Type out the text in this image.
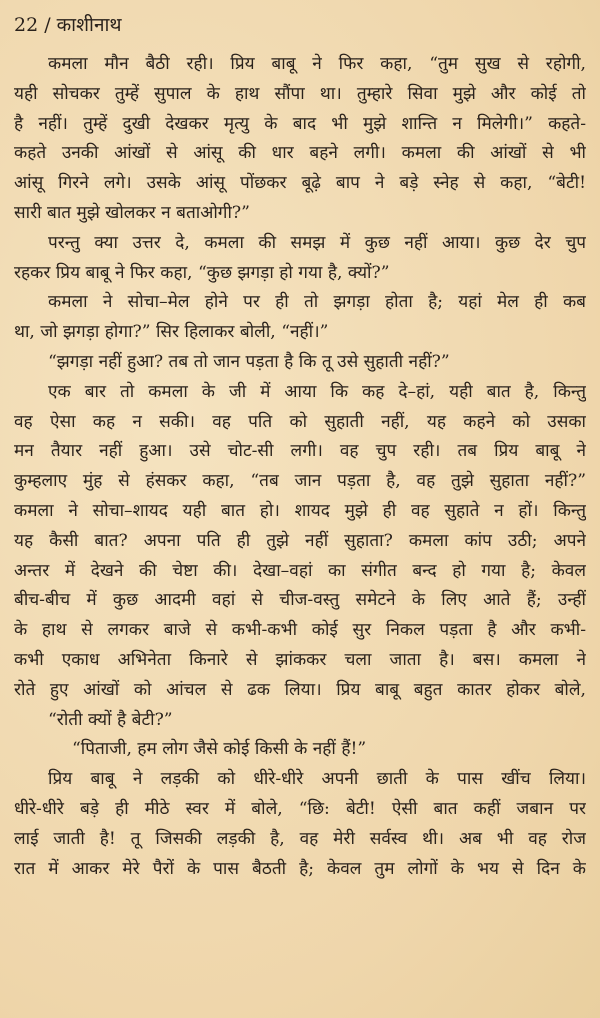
22 / काशीनाथ
कमला मौन बैठी रही। प्रिय बाबू ने फिर कहा, “तुम सुख से रहोगी,
यही सोचकर तुम्हें सुपाल के हाथ सौंपा था। तुम्हारे सिवा मुझे और कोई तो
है नहीं। तुम्हें दुखी देखकर मृत्यु के बाद भी मुझे शान्ति न मिलेगी।” कहते-
कहते उनकी आंखों से आंसू की धार बहने लगी। कमला की आंखों से भी
आंसू गिरने लगे। उसके आंसू पोंछकर बूढ़े बाप ने बड़े स्नेह से कहा, “बेटी!
सारी बात मुझे खोलकर न बताओगी?”
परन्तु क्या उत्तर दे, कमला की समझ में कुछ नहीं आया। कुछ देर चुप
रहकर प्रिय बाबू ने फिर कहा, “कुछ झगड़ा हो गया है, क्यों?”
कमला ने सोचा–मेल होने पर ही तो झगड़ा होता है; यहां मेल ही कब
था, जो झगड़ा होगा?” सिर हिलाकर बोली, “नहीं।”
“झगड़ा नहीं हुआ? तब तो जान पड़ता है कि तू उसे सुहाती नहीं?”
एक बार तो कमला के जी में आया कि कह दे–हां, यही बात है, किन्तु
वह ऐसा कह न सकी। वह पति को सुहाती नहीं, यह कहने को उसका
मन तैयार नहीं हुआ। उसे चोट-सी लगी। वह चुप रही। तब प्रिय बाबू ने
कुम्हलाए मुंह से हंसकर कहा, “तब जान पड़ता है, वह तुझे सुहाता नहीं?”
कमला ने सोचा–शायद यही बात हो। शायद मुझे ही वह सुहाते न हों। किन्तु
यह कैसी बात? अपना पति ही तुझे नहीं सुहाता? कमला कांप उठी; अपने
अन्तर में देखने की चेष्टा की। देखा–वहां का संगीत बन्द हो गया है; केवल
बीच-बीच में कुछ आदमी वहां से चीज-वस्तु समेटने के लिए आते हैं; उन्हीं
के हाथ से लगकर बाजे से कभी-कभी कोई सुर निकल पड़ता है और कभी-
कभी एकाध अभिनेता किनारे से झांककर चला जाता है। बस। कमला ने
रोते हुए आंखों को आंचल से ढक लिया। प्रिय बाबू बहुत कातर होकर बोले,
“रोती क्यों है बेटी?”
“पिताजी, हम लोग जैसे कोई किसी के नहीं हैं!”
प्रिय बाबू ने लड़की को धीरे-धीरे अपनी छाती के पास खींच लिया।
धीरे-धीरे बड़े ही मीठे स्वर में बोले, “छि: बेटी! ऐसी बात कहीं जबान पर
लाई जाती है! तू जिसकी लड़की है, वह मेरी सर्वस्व थी। अब भी वह रोज
रात में आकर मेरे पैरों के पास बैठती है; केवल तुम लोगों के भय से दिन के
